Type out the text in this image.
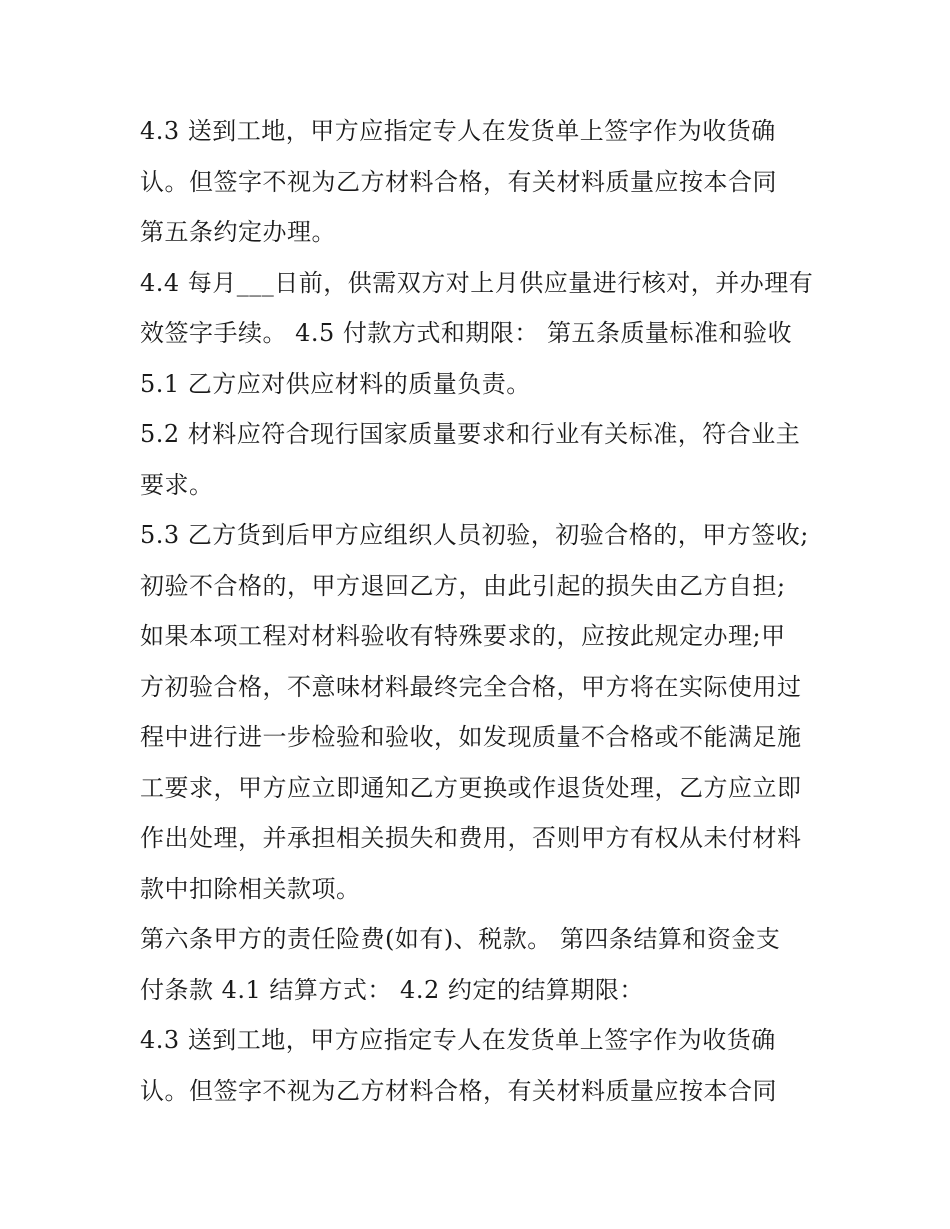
4.3 送到工地，甲方应指定专人在发货单上签字作为收货确
认。但签字不视为乙方材料合格，有关材料质量应按本合同
第五条约定办理。
4.4 每月___日前，供需双方对上月供应量进行核对，并办理有
效签字手续。 4.5 付款方式和期限： 第五条质量标准和验收
5.1 乙方应对供应材料的质量负责。
5.2 材料应符合现行国家质量要求和行业有关标准，符合业主
要求。
5.3 乙方货到后甲方应组织人员初验，初验合格的，甲方签收;
初验不合格的，甲方退回乙方，由此引起的损失由乙方自担;
如果本项工程对材料验收有特殊要求的，应按此规定办理;甲
方初验合格，不意味材料最终完全合格，甲方将在实际使用过
程中进行进一步检验和验收，如发现质量不合格或不能满足施
工要求，甲方应立即通知乙方更换或作退货处理，乙方应立即
作出处理，并承担相关损失和费用，否则甲方有权从未付材料
款中扣除相关款项。
第六条甲方的责任险费(如有)、税款。 第四条结算和资金支
付条款 4.1 结算方式： 4.2 约定的结算期限：
4.3 送到工地，甲方应指定专人在发货单上签字作为收货确
认。但签字不视为乙方材料合格，有关材料质量应按本合同
